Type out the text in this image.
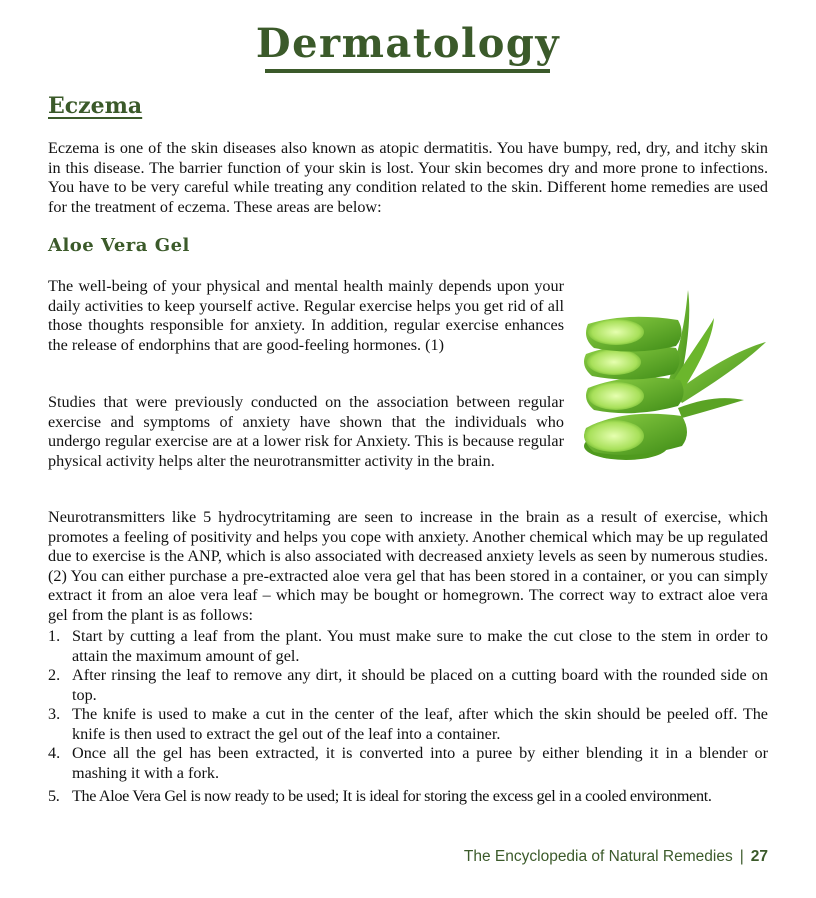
Dermatology
Eczema

Eczema is one of the skin diseases also known as atopic dermatitis. You have bumpy, red, dry, and itchy skin in this disease. The barrier function of your skin is lost. Your skin becomes dry and more prone to infections. You have to be very careful while treating any condition related to the skin. Different home remedies are used for the treatment of eczema. These areas are below:

Aloe Vera Gel

The well-being of your physical and mental health mainly depends upon your daily activities to keep yourself active. Regular exercise helps you get rid of all those thoughts responsible for anxiety. In addition, regular exercise enhances the release of endorphins that are good-feeling hormones. (1)

Studies that were previously conducted on the association between regular exercise and symptoms of anxiety have shown that the individuals who undergo regular exercise are at a lower risk for Anxiety. This is because regular physical activity helps alter the neurotransmitter activity in the brain.

Neurotransmitters like 5 hydrocytritaming are seen to increase in the brain as a result of exercise, which promotes a feeling of positivity and helps you cope with anxiety. Another chemical which may be up regulated due to exercise is the ANP, which is also associated with decreased anxiety levels as seen by numerous studies. (2) You can either purchase a pre-extracted aloe vera gel that has been stored in a container, or you can simply extract it from an aloe vera leaf – which may be bought or homegrown. The correct way to extract aloe vera gel from the plant is as follows:

1. Start by cutting a leaf from the plant. You must make sure to make the cut close to the stem in order to attain the maximum amount of gel.
2. After rinsing the leaf to remove any dirt, it should be placed on a cutting board with the rounded side on top.
3. The knife is used to make a cut in the center of the leaf, after which the skin should be peeled off. The knife is then used to extract the gel out of the leaf into a container.
4. Once all the gel has been extracted, it is converted into a puree by either blending it in a blender or mashing it with a fork.
5. The Aloe Vera Gel is now ready to be used; It is ideal for storing the excess gel in a cooled environment.
The Encyclopedia of Natural Remedies | 27
